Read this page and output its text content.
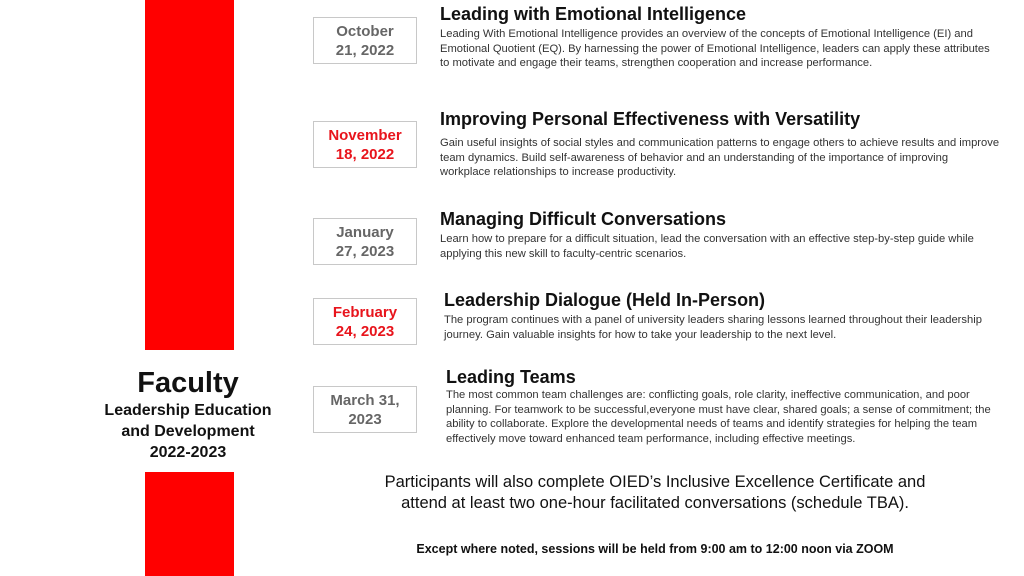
Faculty
Leadership Education
and Development
2022-2023
October
21, 2022
Leading with Emotional Intelligence
Leading With Emotional Intelligence provides an overview of the concepts of Emotional Intelligence (EI) and Emotional Quotient (EQ). By harnessing the power of Emotional Intelligence, leaders can apply these attributes to motivate and engage their teams, strengthen cooperation and increase performance.
November
18, 2022
Improving Personal Effectiveness with Versatility
Gain useful insights of social styles and communication patterns to engage others to achieve results and improve team dynamics. Build self-awareness of behavior and an understanding of the importance of improving workplace relationships to increase productivity.
January
27, 2023
Managing Difficult Conversations
Learn how to prepare for a difficult situation, lead the conversation with an effective step-by-step guide while applying this new skill to faculty-centric scenarios.
February
24, 2023
Leadership Dialogue (Held In-Person)
The program continues with a panel of university leaders sharing lessons learned throughout their leadership journey. Gain valuable insights for how to take your leadership to the next level.
March 31,
2023
Leading Teams
The most common team challenges are: conflicting goals, role clarity, ineffective communication, and poor planning. For teamwork to be successful,everyone must have clear, shared goals; a sense of commitment; the ability to collaborate. Explore the developmental needs of teams and identify strategies for helping the team effectively move toward enhanced team performance, including effective meetings.
Participants will also complete OIED’s Inclusive Excellence Certificate and
attend at least two one-hour facilitated conversations (schedule TBA).
Except where noted, sessions will be held from 9:00 am to 12:00 noon via ZOOM
